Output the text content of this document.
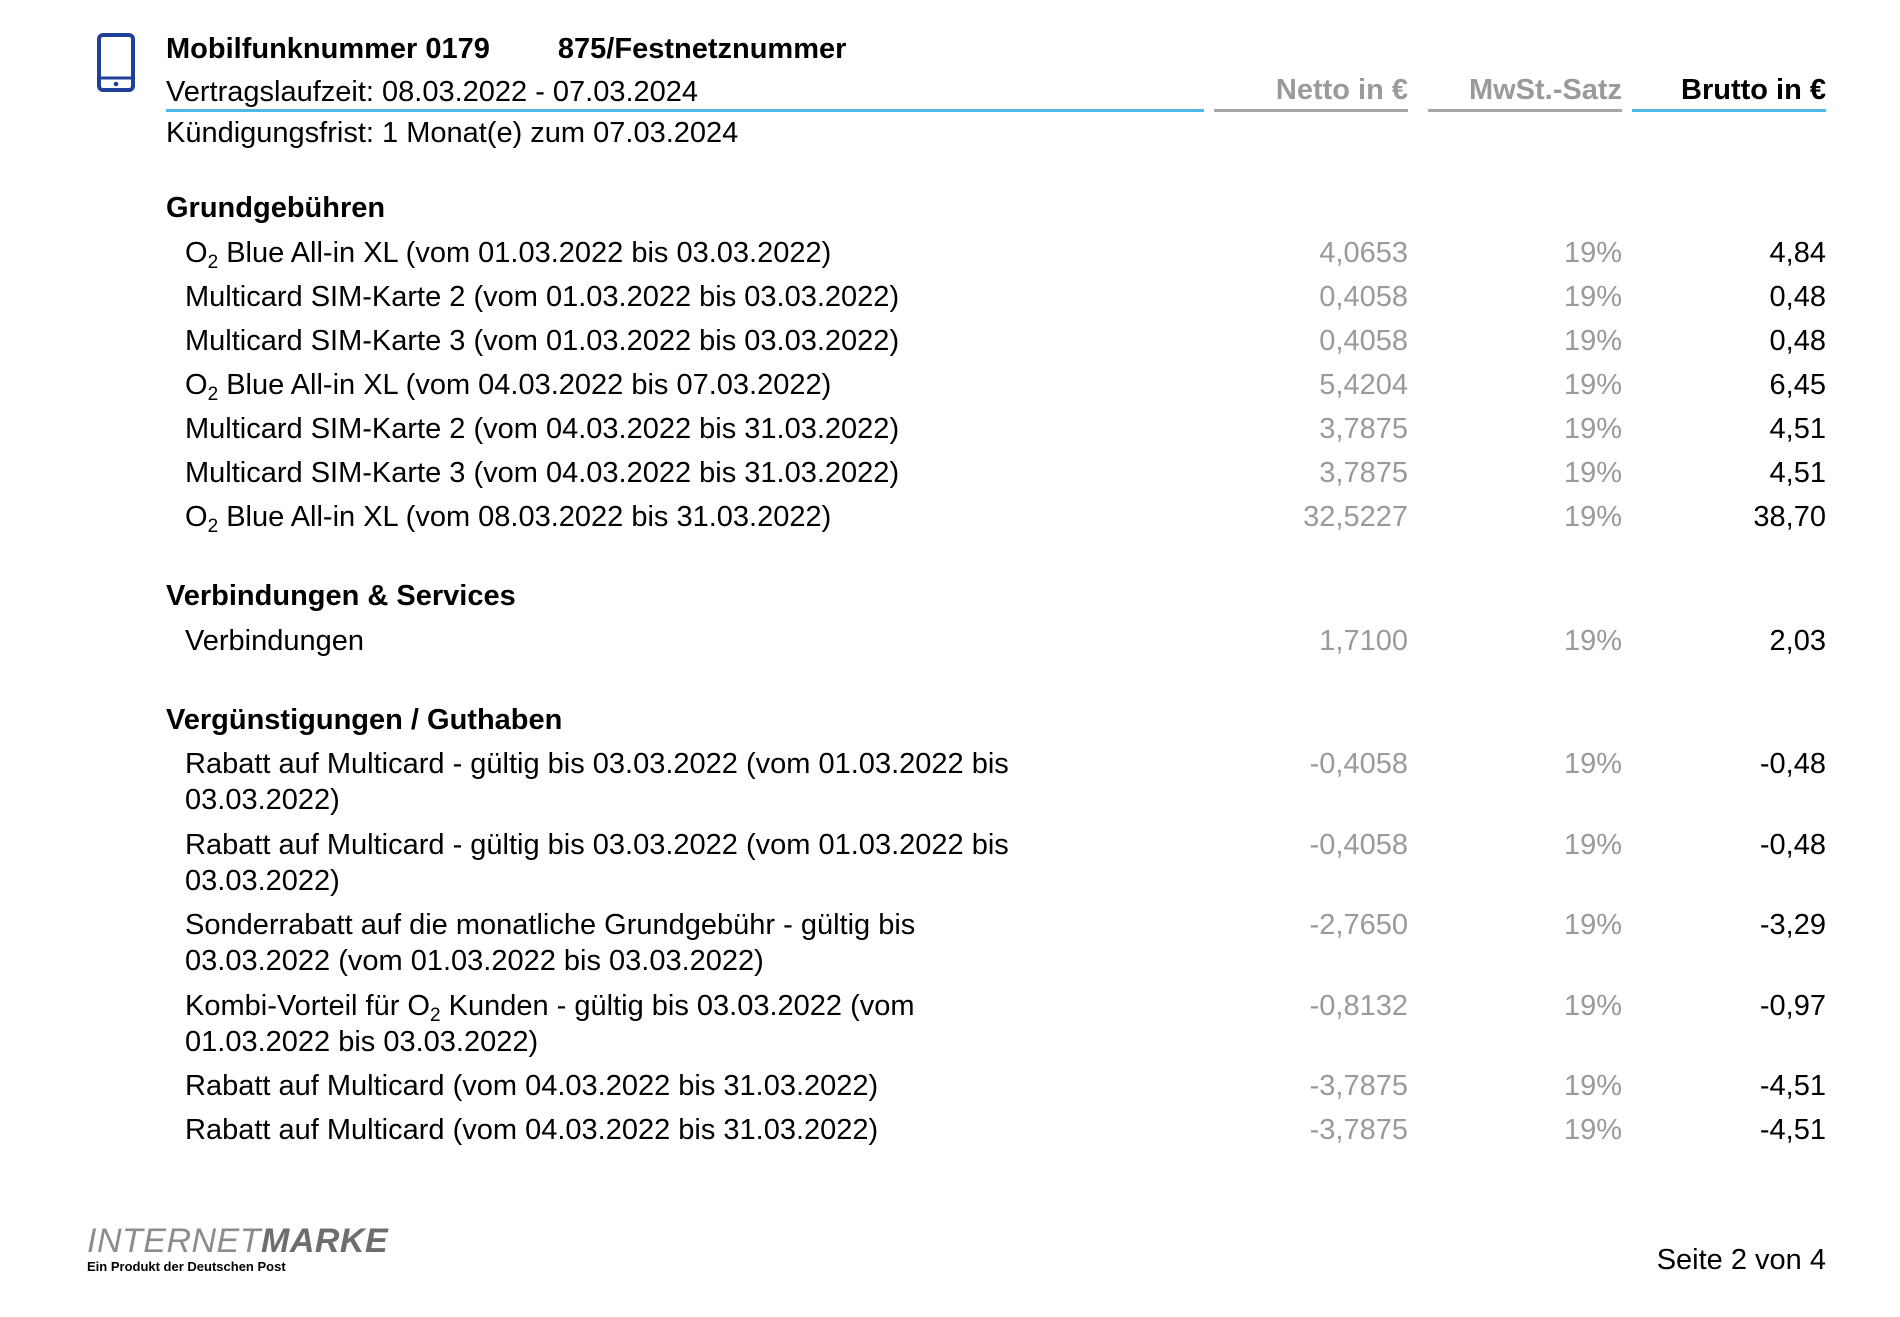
Mobilfunknummer 0179 875/Festnetznummer
Vertragslaufzeit: 08.03.2022 - 07.03.2024
Kündigungsfrist: 1 Monat(e) zum 07.03.2024
Netto in €	MwSt.-Satz	Brutto in €
Grundgebühren
$O_2$ Blue All-in XL (vom 01.03.2022 bis 03.03.2022)	4,0653	19%	4,84
Multicard SIM-Karte 2 (vom 01.03.2022 bis 03.03.2022)	0,4058	19%	0,48
Multicard SIM-Karte 3 (vom 01.03.2022 bis 03.03.2022)	0,4058	19%	0,48
$O_2$ Blue All-in XL (vom 04.03.2022 bis 07.03.2022)	5,4204	19%	6,45
Multicard SIM-Karte 2 (vom 04.03.2022 bis 31.03.2022)	3,7875	19%	4,51
Multicard SIM-Karte 3 (vom 04.03.2022 bis 31.03.2022)	3,7875	19%	4,51
$O_2$ Blue All-in XL (vom 08.03.2022 bis 31.03.2022)	32,5227	19%	38,70
Verbindungen & Services
Verbindungen	1,7100	19%	2,03
Vergünstigungen / Guthaben
Rabatt auf Multicard - gültig bis 03.03.2022 (vom 01.03.2022 bis 03.03.2022)
-0,4058	19%	-0,48
Rabatt auf Multicard - gültig bis 03.03.2022 (vom 01.03.2022 bis 03.03.2022)
-0,4058	19%	-0,48
Sonderrabatt auf die monatliche Grundgebühr - gültig bis 03.03.2022 (vom 01.03.2022 bis 03.03.2022)
-2,7650	19%	-3,29
Kombi-Vorteil für $O_2$ Kunden - gültig bis 03.03.2022 (vom 01.03.2022 bis 03.03.2022)
-0,8132	19%	-0,97
Rabatt auf Multicard (vom 04.03.2022 bis 31.03.2022)	-3,7875	19%	-4,51
Rabatt auf Multicard (vom 04.03.2022 bis 31.03.2022)	-3,7875	19%	-4,51
INTERNETMARKE
Ein Produkt der Deutschen Post	Seite 2 von 4
